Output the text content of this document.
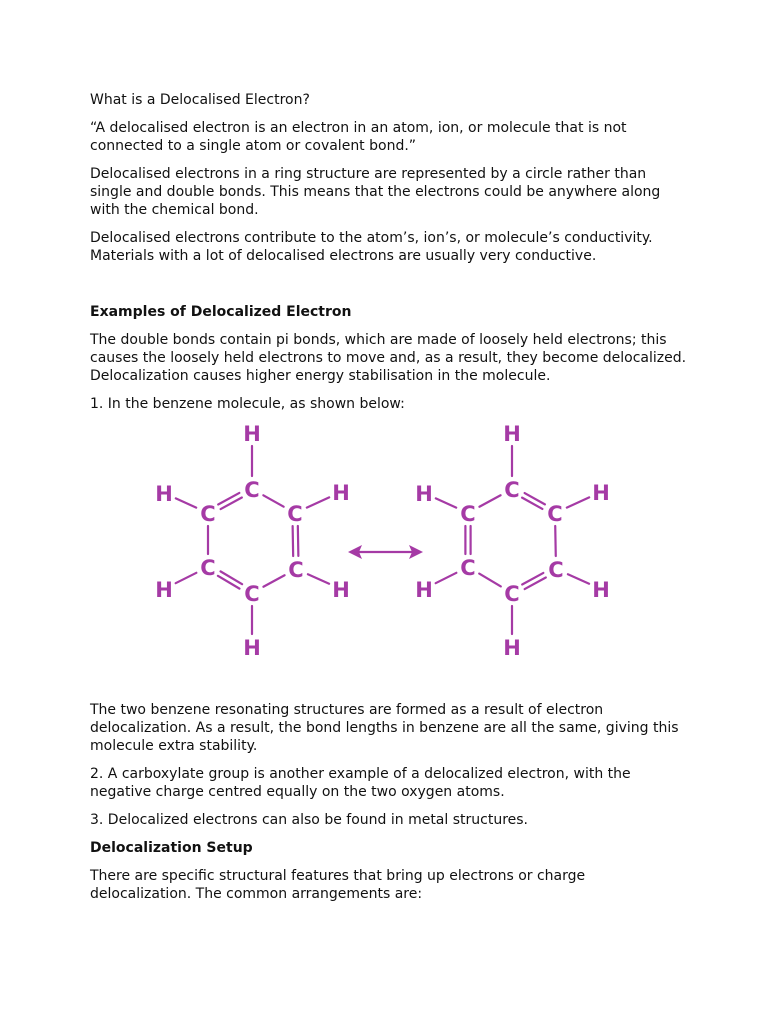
What is a Delocalised Electron?

“A delocalised electron is an electron in an atom, ion, or molecule that is not connected to a single atom or covalent bond.”

Delocalised electrons in a ring structure are represented by a circle rather than single and double bonds. This means that the electrons could be anywhere along with the chemical bond.

Delocalised electrons contribute to the atom’s, ion’s, or molecule’s conductivity. Materials with a lot of delocalised electrons are usually very conductive.

Examples of Delocalized Electron

The double bonds contain pi bonds, which are made of loosely held electrons; this causes the loosely held electrons to move and, as a result, they become delocalized. Delocalization causes higher energy stabilisation in the molecule.

1. In the benzene molecule, as shown below:

C
H
C
H
C
H
C
H
C
H
C
H	C
H
C
H
C
H
C
H
C
H
C
H

The two benzene resonating structures are formed as a result of electron delocalization. As a result, the bond lengths in benzene are all the same, giving this molecule extra stability.

2. A carboxylate group is another example of a delocalized electron, with the negative charge centred equally on the two oxygen atoms.

3. Delocalized electrons can also be found in metal structures.

Delocalization Setup

There are specific structural features that bring up electrons or charge delocalization. The common arrangements are:
